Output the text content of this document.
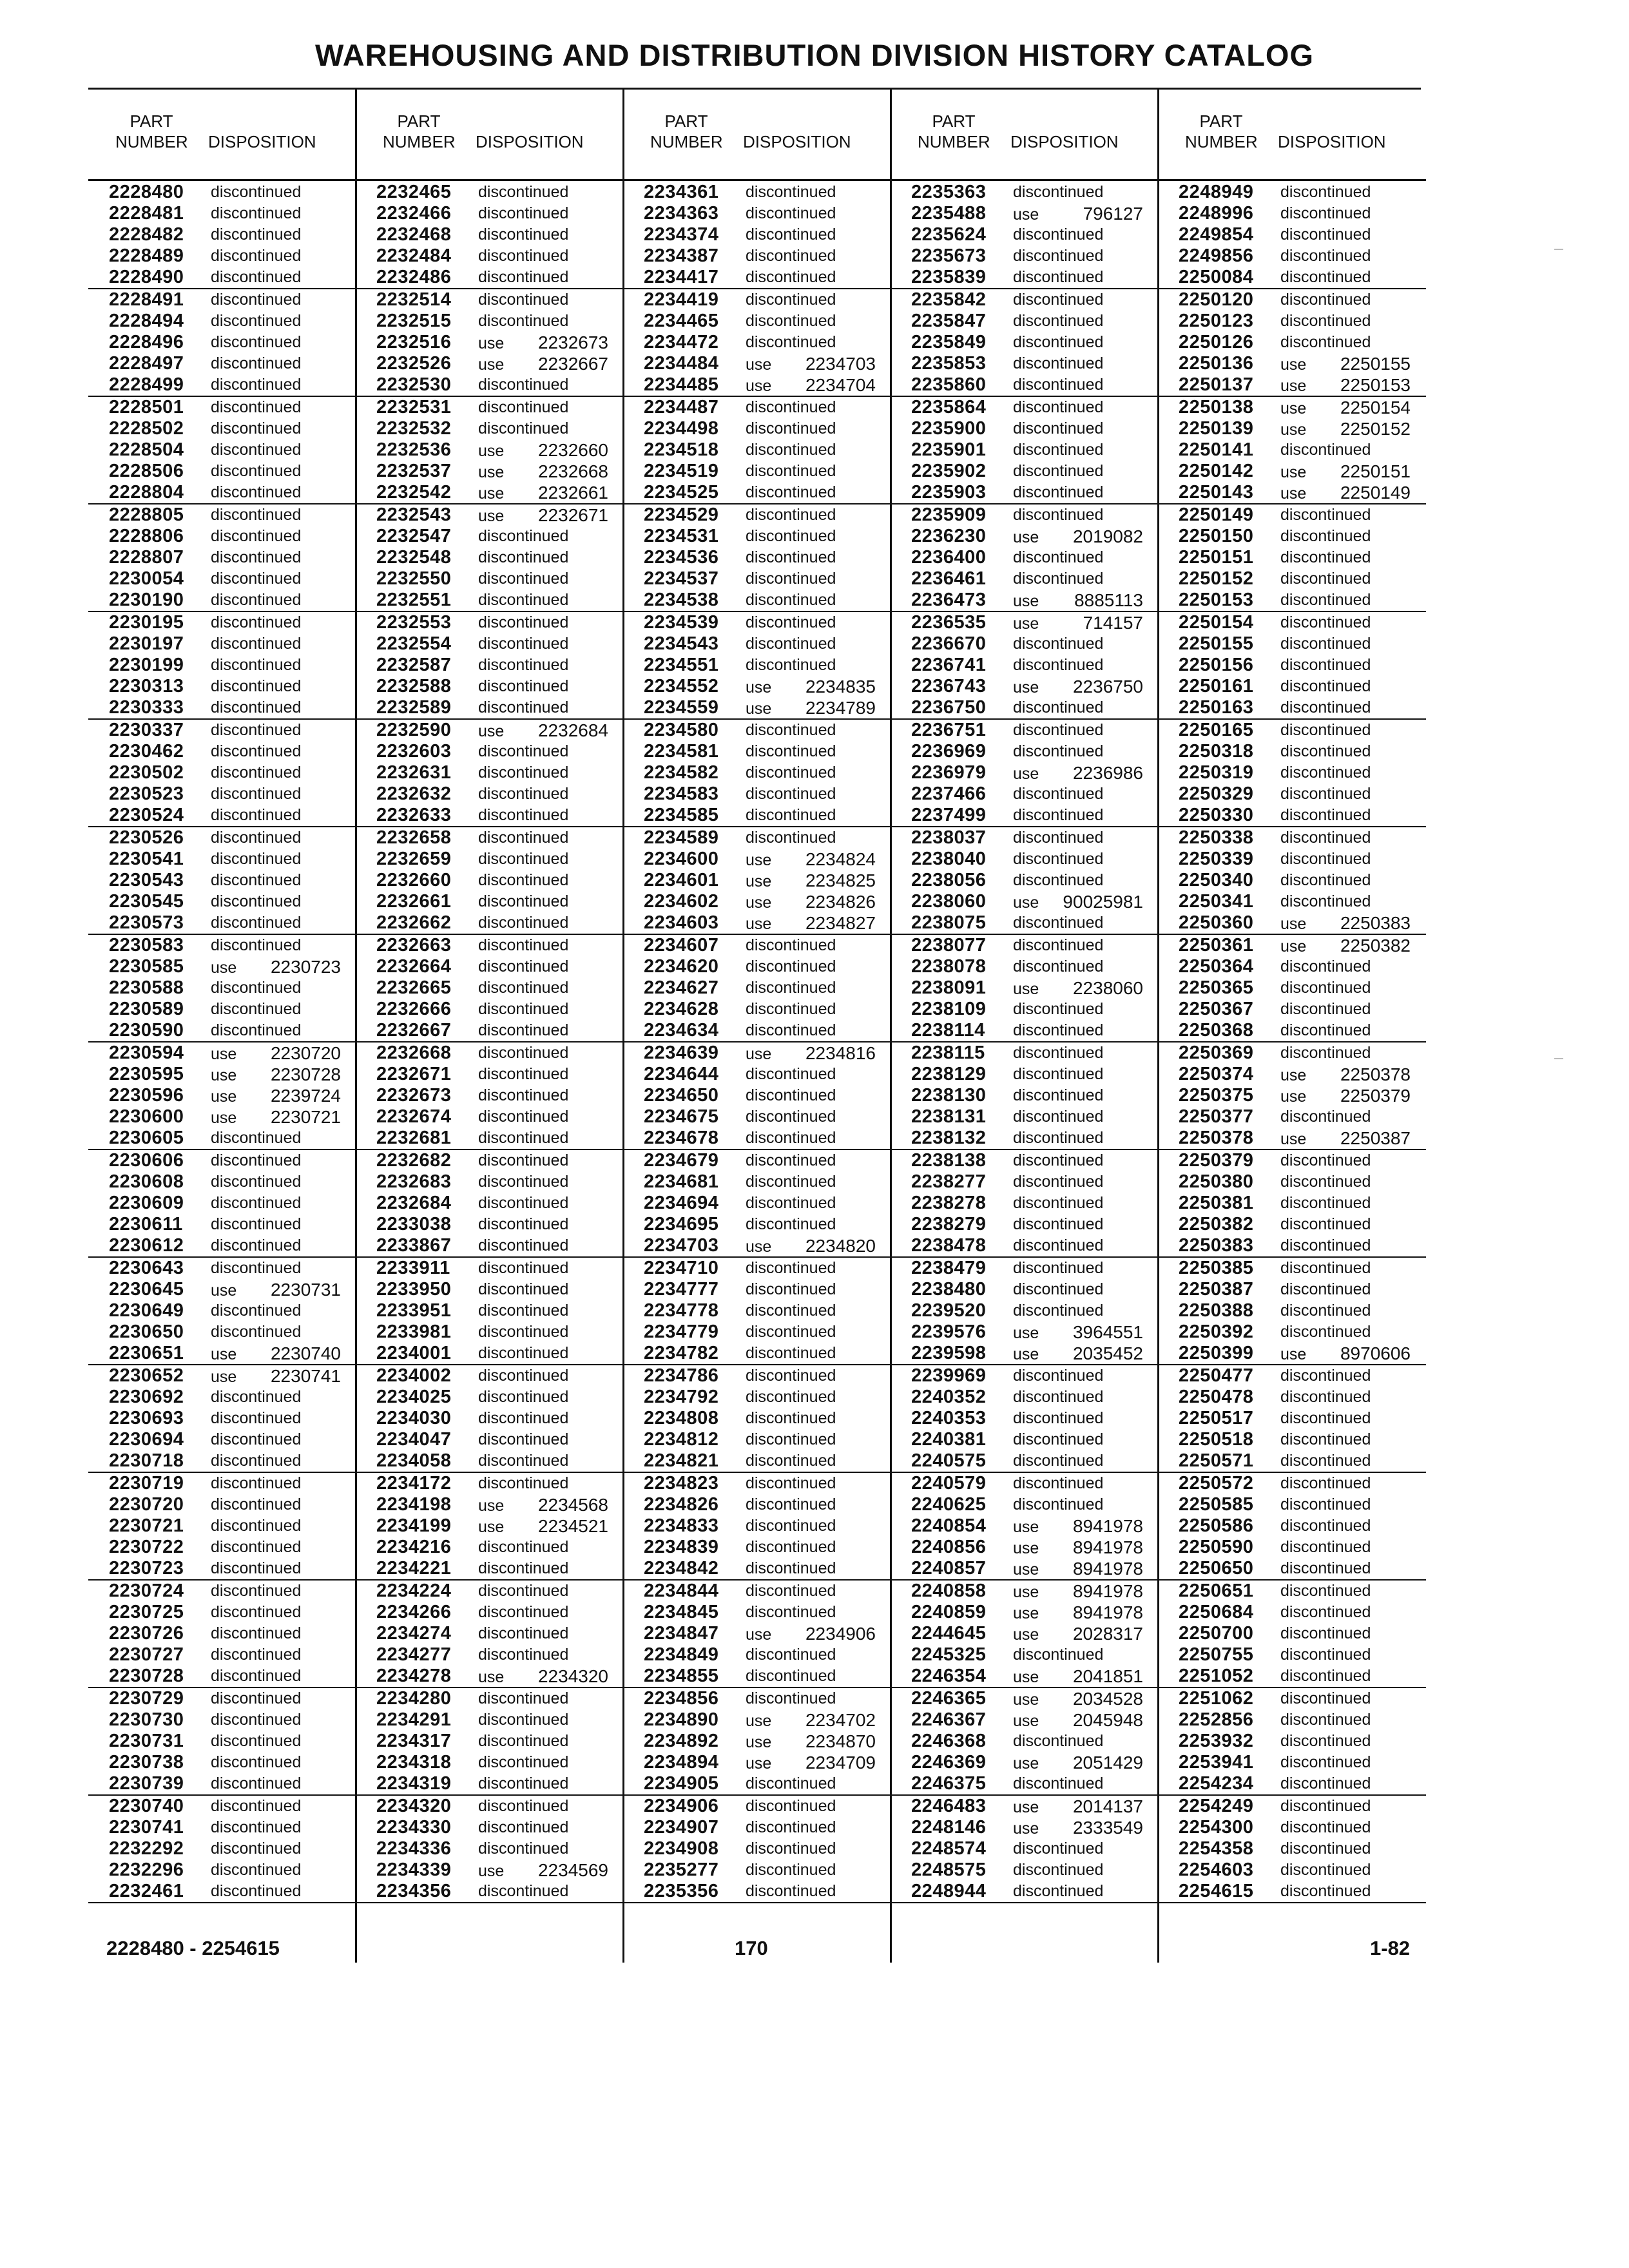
WAREHOUSING AND DISTRIBUTION DIVISION HISTORY CATALOG
PART
NUMBER DISPOSITION
2228480 discontinued
2228481 discontinued
2228482 discontinued
2228489 discontinued
2228490 discontinued
2228491 discontinued
2228494 discontinued
2228496 discontinued
2228497 discontinued
2228499 discontinued
2228501 discontinued
2228502 discontinued
2228504 discontinued
2228506 discontinued
2228804 discontinued
2228805 discontinued
2228806 discontinued
2228807 discontinued
2230054 discontinued
2230190 discontinued
2230195 discontinued
2230197 discontinued
2230199 discontinued
2230313 discontinued
2230333 discontinued
2230337 discontinued
2230462 discontinued
2230502 discontinued
2230523 discontinued
2230524 discontinued
2230526 discontinued
2230541 discontinued
2230543 discontinued
2230545 discontinued
2230573 discontinued
2230583 discontinued
2230585 use 2230723
2230588 discontinued
2230589 discontinued
2230590 discontinued
2230594 use 2230720
2230595 use 2230728
2230596 use 2239724
2230600 use 2230721
2230605 discontinued
2230606 discontinued
2230608 discontinued
2230609 discontinued
2230611 discontinued
2230612 discontinued
2230643 discontinued
2230645 use 2230731
2230649 discontinued
2230650 discontinued
2230651 use 2230740
2230652 use 2230741
2230692 discontinued
2230693 discontinued
2230694 discontinued
2230718 discontinued
2230719 discontinued
2230720 discontinued
2230721 discontinued
2230722 discontinued
2230723 discontinued
2230724 discontinued
2230725 discontinued
2230726 discontinued
2230727 discontinued
2230728 discontinued
2230729 discontinued
2230730 discontinued
2230731 discontinued
2230738 discontinued
2230739 discontinued
2230740 discontinued
2230741 discontinued
2232292 discontinued
2232296 discontinued
2232461 discontinued
PART
NUMBER DISPOSITION
2232465 discontinued
2232466 discontinued
2232468 discontinued
2232484 discontinued
2232486 discontinued
2232514 discontinued
2232515 discontinued
2232516 use 2232673
2232526 use 2232667
2232530 discontinued
2232531 discontinued
2232532 discontinued
2232536 use 2232660
2232537 use 2232668
2232542 use 2232661
2232543 use 2232671
2232547 discontinued
2232548 discontinued
2232550 discontinued
2232551 discontinued
2232553 discontinued
2232554 discontinued
2232587 discontinued
2232588 discontinued
2232589 discontinued
2232590 use 2232684
2232603 discontinued
2232631 discontinued
2232632 discontinued
2232633 discontinued
2232658 discontinued
2232659 discontinued
2232660 discontinued
2232661 discontinued
2232662 discontinued
2232663 discontinued
2232664 discontinued
2232665 discontinued
2232666 discontinued
2232667 discontinued
2232668 discontinued
2232671 discontinued
2232673 discontinued
2232674 discontinued
2232681 discontinued
2232682 discontinued
2232683 discontinued
2232684 discontinued
2233038 discontinued
2233867 discontinued
2233911 discontinued
2233950 discontinued
2233951 discontinued
2233981 discontinued
2234001 discontinued
2234002 discontinued
2234025 discontinued
2234030 discontinued
2234047 discontinued
2234058 discontinued
2234172 discontinued
2234198 use 2234568
2234199 use 2234521
2234216 discontinued
2234221 discontinued
2234224 discontinued
2234266 discontinued
2234274 discontinued
2234277 discontinued
2234278 use 2234320
2234280 discontinued
2234291 discontinued
2234317 discontinued
2234318 discontinued
2234319 discontinued
2234320 discontinued
2234330 discontinued
2234336 discontinued
2234339 use 2234569
2234356 discontinued
PART
NUMBER DISPOSITION
2234361 discontinued
2234363 discontinued
2234374 discontinued
2234387 discontinued
2234417 discontinued
2234419 discontinued
2234465 discontinued
2234472 discontinued
2234484 use 2234703
2234485 use 2234704
2234487 discontinued
2234498 discontinued
2234518 discontinued
2234519 discontinued
2234525 discontinued
2234529 discontinued
2234531 discontinued
2234536 discontinued
2234537 discontinued
2234538 discontinued
2234539 discontinued
2234543 discontinued
2234551 discontinued
2234552 use 2234835
2234559 use 2234789
2234580 discontinued
2234581 discontinued
2234582 discontinued
2234583 discontinued
2234585 discontinued
2234589 discontinued
2234600 use 2234824
2234601 use 2234825
2234602 use 2234826
2234603 use 2234827
2234607 discontinued
2234620 discontinued
2234627 discontinued
2234628 discontinued
2234634 discontinued
2234639 use 2234816
2234644 discontinued
2234650 discontinued
2234675 discontinued
2234678 discontinued
2234679 discontinued
2234681 discontinued
2234694 discontinued
2234695 discontinued
2234703 use 2234820
2234710 discontinued
2234777 discontinued
2234778 discontinued
2234779 discontinued
2234782 discontinued
2234786 discontinued
2234792 discontinued
2234808 discontinued
2234812 discontinued
2234821 discontinued
2234823 discontinued
2234826 discontinued
2234833 discontinued
2234839 discontinued
2234842 discontinued
2234844 discontinued
2234845 discontinued
2234847 use 2234906
2234849 discontinued
2234855 discontinued
2234856 discontinued
2234890 use 2234702
2234892 use 2234870
2234894 use 2234709
2234905 discontinued
2234906 discontinued
2234907 discontinued
2234908 discontinued
2235277 discontinued
2235356 discontinued
PART
NUMBER DISPOSITION
2235363 discontinued
2235488 use 796127
2235624 discontinued
2235673 discontinued
2235839 discontinued
2235842 discontinued
2235847 discontinued
2235849 discontinued
2235853 discontinued
2235860 discontinued
2235864 discontinued
2235900 discontinued
2235901 discontinued
2235902 discontinued
2235903 discontinued
2235909 discontinued
2236230 use 2019082
2236400 discontinued
2236461 discontinued
2236473 use 8885113
2236535 use 714157
2236670 discontinued
2236741 discontinued
2236743 use 2236750
2236750 discontinued
2236751 discontinued
2236969 discontinued
2236979 use 2236986
2237466 discontinued
2237499 discontinued
2238037 discontinued
2238040 discontinued
2238056 discontinued
2238060 use 90025981
2238075 discontinued
2238077 discontinued
2238078 discontinued
2238091 use 2238060
2238109 discontinued
2238114 discontinued
2238115 discontinued
2238129 discontinued
2238130 discontinued
2238131 discontinued
2238132 discontinued
2238138 discontinued
2238277 discontinued
2238278 discontinued
2238279 discontinued
2238478 discontinued
2238479 discontinued
2238480 discontinued
2239520 discontinued
2239576 use 3964551
2239598 use 2035452
2239969 discontinued
2240352 discontinued
2240353 discontinued
2240381 discontinued
2240575 discontinued
2240579 discontinued
2240625 discontinued
2240854 use 8941978
2240856 use 8941978
2240857 use 8941978
2240858 use 8941978
2240859 use 8941978
2244645 use 2028317
2245325 discontinued
2246354 use 2041851
2246365 use 2034528
2246367 use 2045948
2246368 discontinued
2246369 use 2051429
2246375 discontinued
2246483 use 2014137
2248146 use 2333549
2248574 discontinued
2248575 discontinued
2248944 discontinued
PART
NUMBER DISPOSITION
2248949 discontinued
2248996 discontinued
2249854 discontinued
2249856 discontinued
2250084 discontinued
2250120 discontinued
2250123 discontinued
2250126 discontinued
2250136 use 2250155
2250137 use 2250153
2250138 use 2250154
2250139 use 2250152
2250141 discontinued
2250142 use 2250151
2250143 use 2250149
2250149 discontinued
2250150 discontinued
2250151 discontinued
2250152 discontinued
2250153 discontinued
2250154 discontinued
2250155 discontinued
2250156 discontinued
2250161 discontinued
2250163 discontinued
2250165 discontinued
2250318 discontinued
2250319 discontinued
2250329 discontinued
2250330 discontinued
2250338 discontinued
2250339 discontinued
2250340 discontinued
2250341 discontinued
2250360 use 2250383
2250361 use 2250382
2250364 discontinued
2250365 discontinued
2250367 discontinued
2250368 discontinued
2250369 discontinued
2250374 use 2250378
2250375 use 2250379
2250377 discontinued
2250378 use 2250387
2250379 discontinued
2250380 discontinued
2250381 discontinued
2250382 discontinued
2250383 discontinued
2250385 discontinued
2250387 discontinued
2250388 discontinued
2250392 discontinued
2250399 use 8970606
2250477 discontinued
2250478 discontinued
2250517 discontinued
2250518 discontinued
2250571 discontinued
2250572 discontinued
2250585 discontinued
2250586 discontinued
2250590 discontinued
2250650 discontinued
2250651 discontinued
2250684 discontinued
2250700 discontinued
2250755 discontinued
2251052 discontinued
2251062 discontinued
2252856 discontinued
2253932 discontinued
2253941 discontinued
2254234 discontinued
2254249 discontinued
2254300 discontinued
2254358 discontinued
2254603 discontinued
2254615 discontinued
2228480 - 2254615	170	1-82
